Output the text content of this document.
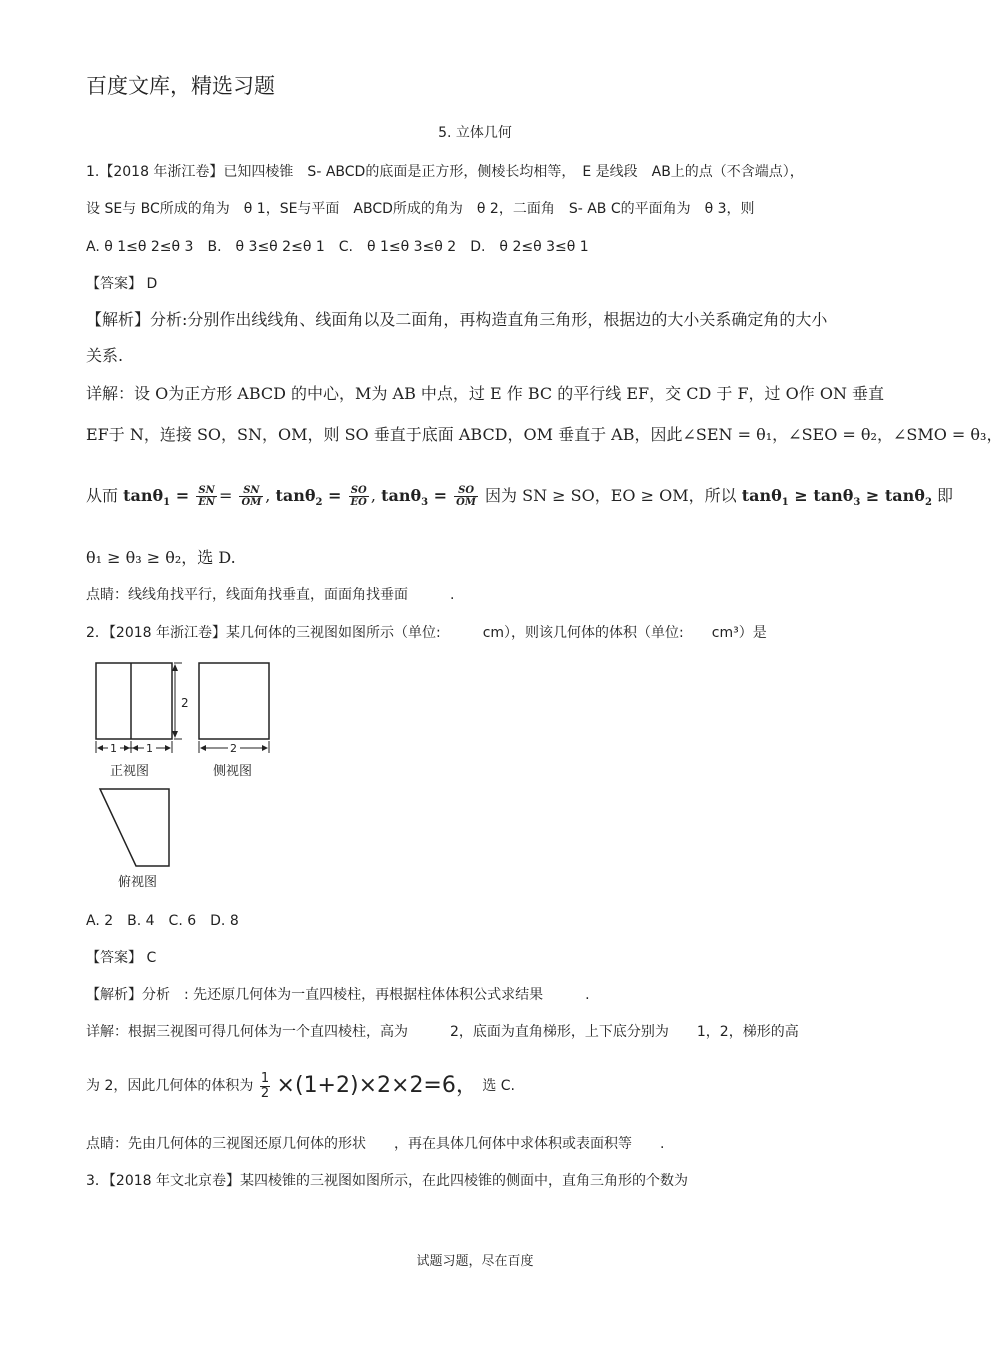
百度文库，精选习题
5. 立体几何
1.【2018 年浙江卷】已知四棱锥　S- ABCD的底面是正方形，侧棱长均相等，　E 是线段　AB上的点（不含端点），
设 SE与 BC所成的角为　θ 1，SE与平面　ABCD所成的角为　θ 2，二面角　S- AB C的平面角为　θ 3，则
A. θ 1≤θ 2≤θ 3　B.　θ 3≤θ 2≤θ 1　C.　θ 1≤θ 3≤θ 2　D.　θ 2≤θ 3≤θ 1
【答案】 D
【解析】分析:分别作出线线角、线面角以及二面角，再构造直角三角形，根据边的大小关系确定角的大小
关系.
详解：设 O为正方形 ABCD 的中心，M为 AB 中点，过 E 作 BC 的平行线 EF，交 CD 于 F，过 O作 ON 垂直
EF于 N，连接 SO，SN，OM，则 SO 垂直于底面 ABCD，OM 垂直于 AB，因此∠SEN = θ₁，∠SEO = θ₂，∠SMO = θ₃，
从而 $\tan\theta_1 = \frac{SN}{EN} = \frac{SN}{OM}$ , $\tan\theta_2 = \frac{SO}{EO}$ , $\tan\theta_3 = \frac{SO}{OM}$ 因为 SN ≥ SO，EO ≥ OM，所以 tanθ$_1$ ≥ tanθ$_3$ ≥ tanθ$_2$ 即
θ₁ ≥ θ₃ ≥ θ₂，选 D.
点睛：线线角找平行，线面角找垂直，面面角找垂面　　　.
2．【2018 年浙江卷】某几何体的三视图如图所示（单位:　　　cm），则该几何体的体积（单位:　　cm³）是
2
1	1
正视图
2
侧视图
俯视图
A. 2　B. 4　C. 6　D. 8
【答案】 C
【解析】分析　: 先还原几何体为一直四棱柱，再根据柱体体积公式求结果　　　.
详解：根据三视图可得几何体为一个直四棱柱，高为　　　2，底面为直角梯形，上下底分别为　　1，2，梯形的高
为 2，因此几何体的体积为 $\frac{1}{2} \times(1+2)\times 2\times 2=6$， 选 C.
点睛：先由几何体的三视图还原几何体的形状　　，再在具体几何体中求体积或表面积等　　.
3．【2018 年文北京卷】某四棱锥的三视图如图所示，在此四棱锥的侧面中，直角三角形的个数为
试题习题，尽在百度
